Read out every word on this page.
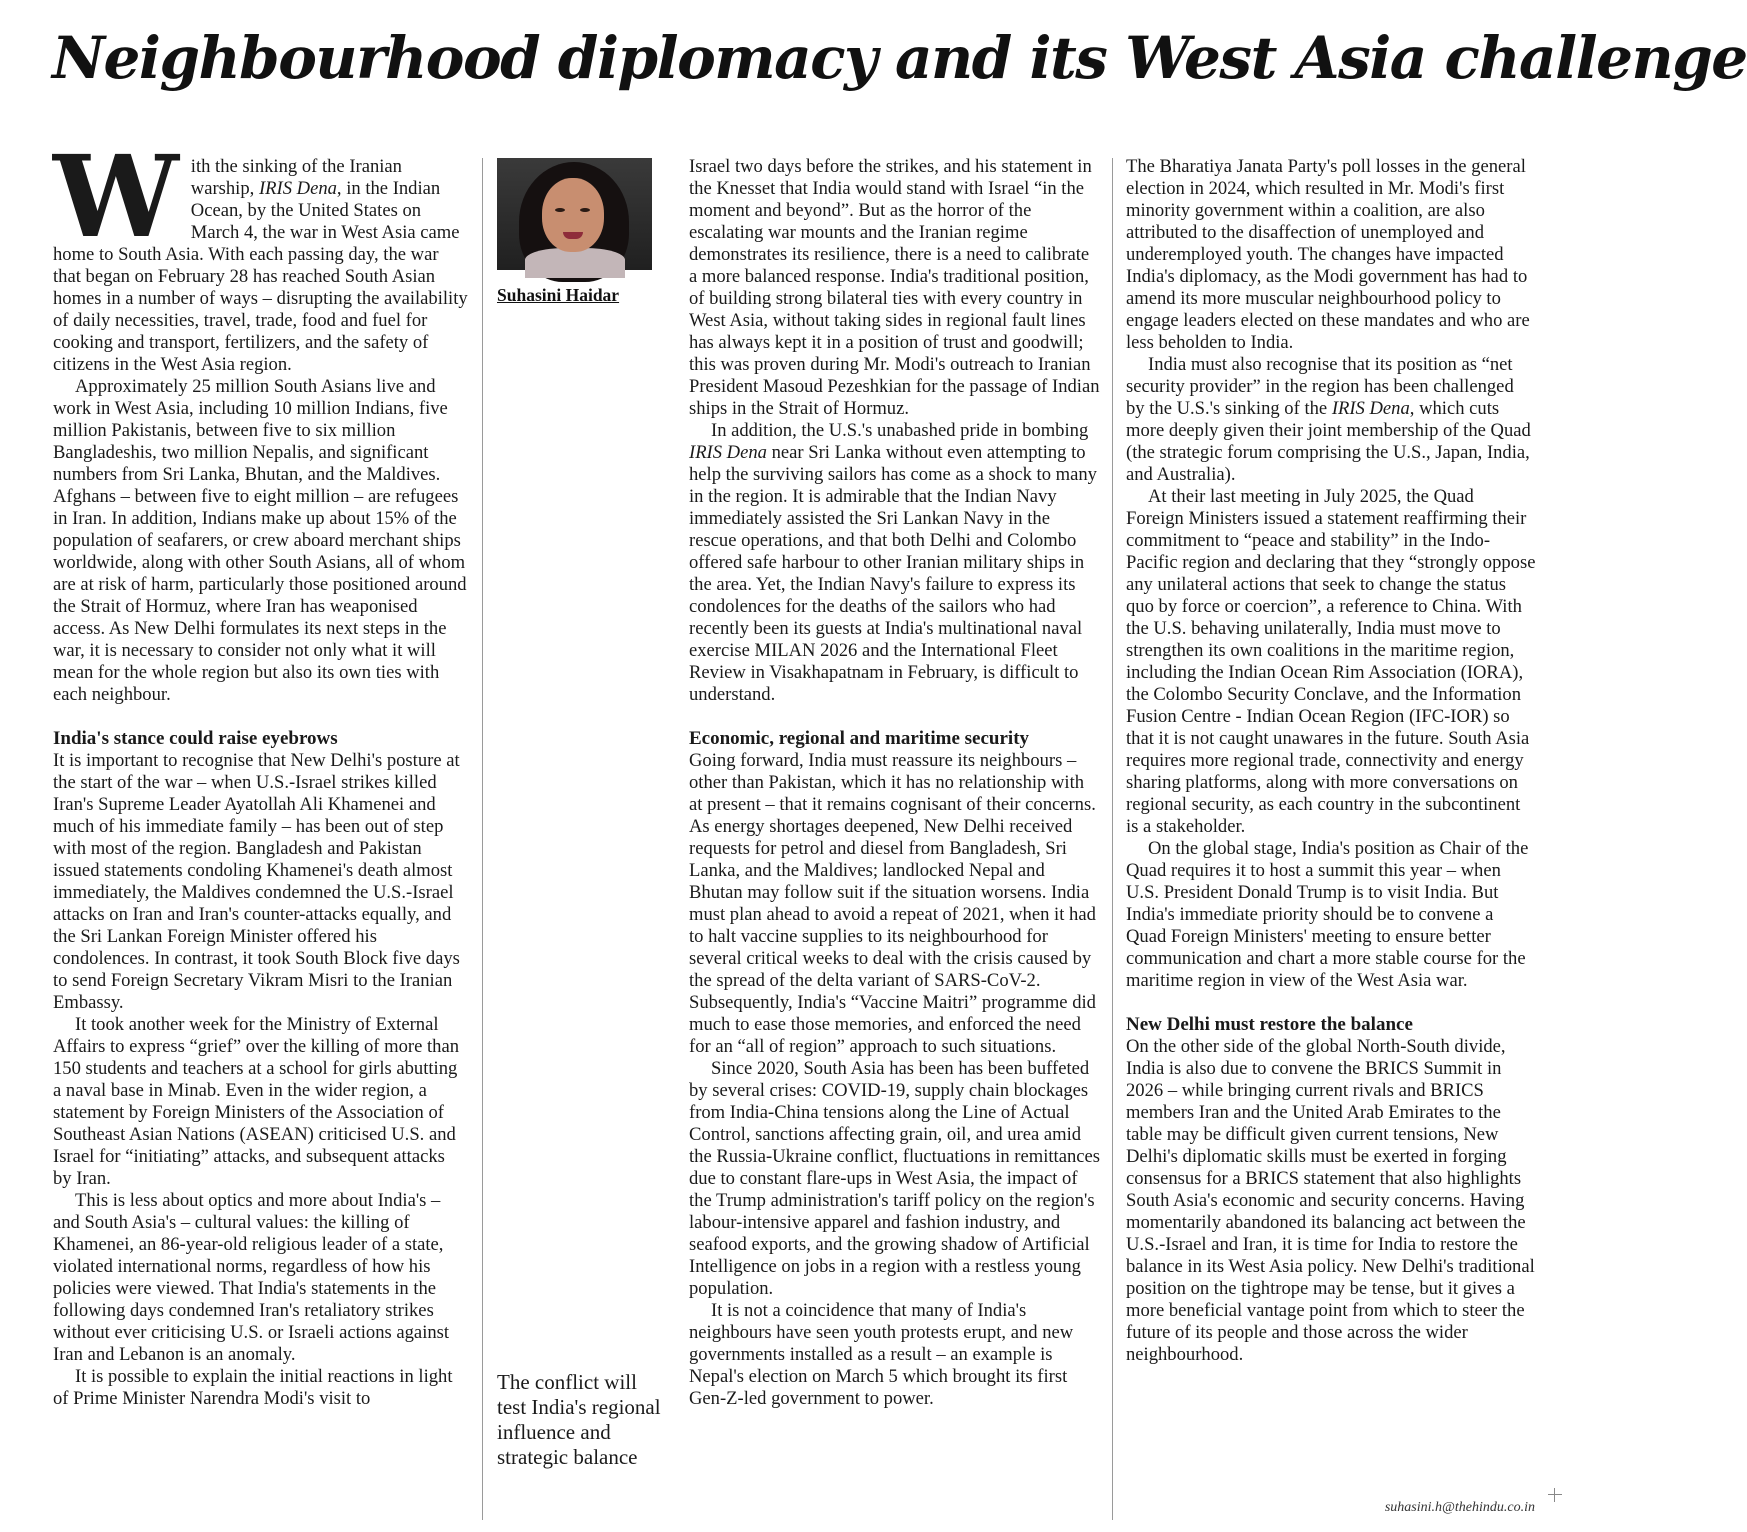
Neighbourhood diplomacy and its West Asia challenge

With the sinking of the Iranian warship, IRIS Dena, in the Indian Ocean, by the United States on March 4, the war in West Asia came home to South Asia. With each passing day, the war that began on February 28 has reached South Asian homes in a number of ways – disrupting the availability of daily necessities, travel, trade, food and fuel for cooking and transport, fertilizers, and the safety of citizens in the West Asia region.

Approximately 25 million South Asians live and work in West Asia, including 10 million Indians, five million Pakistanis, between five to six million Bangladeshis, two million Nepalis, and significant numbers from Sri Lanka, Bhutan, and the Maldives. Afghans – between five to eight million – are refugees in Iran. In addition, Indians make up about 15% of the population of seafarers, or crew aboard merchant ships worldwide, along with other South Asians, all of whom are at risk of harm, particularly those positioned around the Strait of Hormuz, where Iran has weaponised access. As New Delhi formulates its next steps in the war, it is necessary to consider not only what it will mean for the whole region but also its own ties with each neighbour.

India's stance could raise eyebrows

It is important to recognise that New Delhi's posture at the start of the war – when U.S.-Israel strikes killed Iran's Supreme Leader Ayatollah Ali Khamenei and much of his immediate family – has been out of step with most of the region. Bangladesh and Pakistan issued statements condoling Khamenei's death almost immediately, the Maldives condemned the U.S.-Israel attacks on Iran and Iran's counter-attacks equally, and the Sri Lankan Foreign Minister offered his condolences. In contrast, it took South Block five days to send Foreign Secretary Vikram Misri to the Iranian Embassy.

It took another week for the Ministry of External Affairs to express “grief” over the killing of more than 150 students and teachers at a school for girls abutting a naval base in Minab. Even in the wider region, a statement by Foreign Ministers of the Association of Southeast Asian Nations (ASEAN) criticised U.S. and Israel for “initiating” attacks, and subsequent attacks by Iran.

This is less about optics and more about India's – and South Asia's – cultural values: the killing of Khamenei, an 86-year-old religious leader of a state, violated international norms, regardless of how his policies were viewed. That India's statements in the following days condemned Iran's retaliatory strikes without ever criticising U.S. or Israeli actions against Iran and Lebanon is an anomaly.

It is possible to explain the initial reactions in light of Prime Minister Narendra Modi's visit to

Suhasini Haidar

The conflict will test India's regional influence and strategic balance

Israel two days before the strikes, and his statement in the Knesset that India would stand with Israel “in the moment and beyond”. But as the horror of the escalating war mounts and the Iranian regime demonstrates its resilience, there is a need to calibrate a more balanced response. India's traditional position, of building strong bilateral ties with every country in West Asia, without taking sides in regional fault lines has always kept it in a position of trust and goodwill; this was proven during Mr. Modi's outreach to Iranian President Masoud Pezeshkian for the passage of Indian ships in the Strait of Hormuz.

In addition, the U.S.'s unabashed pride in bombing IRIS Dena near Sri Lanka without even attempting to help the surviving sailors has come as a shock to many in the region. It is admirable that the Indian Navy immediately assisted the Sri Lankan Navy in the rescue operations, and that both Delhi and Colombo offered safe harbour to other Iranian military ships in the area. Yet, the Indian Navy's failure to express its condolences for the deaths of the sailors who had recently been its guests at India's multinational naval exercise MILAN 2026 and the International Fleet Review in Visakhapatnam in February, is difficult to understand.

Economic, regional and maritime security

Going forward, India must reassure its neighbours – other than Pakistan, which it has no relationship with at present – that it remains cognisant of their concerns. As energy shortages deepened, New Delhi received requests for petrol and diesel from Bangladesh, Sri Lanka, and the Maldives; landlocked Nepal and Bhutan may follow suit if the situation worsens. India must plan ahead to avoid a repeat of 2021, when it had to halt vaccine supplies to its neighbourhood for several critical weeks to deal with the crisis caused by the spread of the delta variant of SARS-CoV-2. Subsequently, India's “Vaccine Maitri” programme did much to ease those memories, and enforced the need for an “all of region” approach to such situations.

Since 2020, South Asia has been has been buffeted by several crises: COVID-19, supply chain blockages from India-China tensions along the Line of Actual Control, sanctions affecting grain, oil, and urea amid the Russia-Ukraine conflict, fluctuations in remittances due to constant flare-ups in West Asia, the impact of the Trump administration's tariff policy on the region's labour-intensive apparel and fashion industry, and seafood exports, and the growing shadow of Artificial Intelligence on jobs in a region with a restless young population.

It is not a coincidence that many of India's neighbours have seen youth protests erupt, and new governments installed as a result – an example is Nepal's election on March 5 which brought its first Gen-Z-led government to power.

The Bharatiya Janata Party's poll losses in the general election in 2024, which resulted in Mr. Modi's first minority government within a coalition, are also attributed to the disaffection of unemployed and underemployed youth. The changes have impacted India's diplomacy, as the Modi government has had to amend its more muscular neighbourhood policy to engage leaders elected on these mandates and who are less beholden to India.

India must also recognise that its position as “net security provider” in the region has been challenged by the U.S.'s sinking of the IRIS Dena, which cuts more deeply given their joint membership of the Quad (the strategic forum comprising the U.S., Japan, India, and Australia).

At their last meeting in July 2025, the Quad Foreign Ministers issued a statement reaffirming their commitment to “peace and stability” in the Indo-Pacific region and declaring that they “strongly oppose any unilateral actions that seek to change the status quo by force or coercion”, a reference to China. With the U.S. behaving unilaterally, India must move to strengthen its own coalitions in the maritime region, including the Indian Ocean Rim Association (IORA), the Colombo Security Conclave, and the Information Fusion Centre - Indian Ocean Region (IFC-IOR) so that it is not caught unawares in the future. South Asia requires more regional trade, connectivity and energy sharing platforms, along with more conversations on regional security, as each country in the subcontinent is a stakeholder.

On the global stage, India's position as Chair of the Quad requires it to host a summit this year – when U.S. President Donald Trump is to visit India. But India's immediate priority should be to convene a Quad Foreign Ministers' meeting to ensure better communication and chart a more stable course for the maritime region in view of the West Asia war.

New Delhi must restore the balance

On the other side of the global North-South divide, India is also due to convene the BRICS Summit in 2026 – while bringing current rivals and BRICS members Iran and the United Arab Emirates to the table may be difficult given current tensions, New Delhi's diplomatic skills must be exerted in forging consensus for a BRICS statement that also highlights South Asia's economic and security concerns. Having momentarily abandoned its balancing act between the U.S.-Israel and Iran, it is time for India to restore the balance in its West Asia policy. New Delhi's traditional position on the tightrope may be tense, but it gives a more beneficial vantage point from which to steer the future of its people and those across the wider neighbourhood.

suhasini.h@thehindu.co.in
